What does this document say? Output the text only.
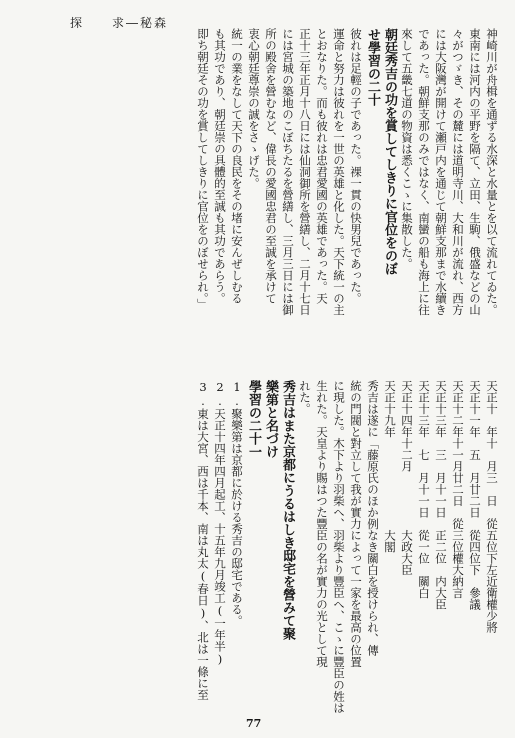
探　　求―秘森
神崎川が舟楫を通ずる水深と水量とを以て流れてゐた。
東南には河内の平野を隔て、立田、生駒、俄盛などの山
々がつゞき、その麓には道明寺川、大和川が流れ、西方
には大阪灣が開けて瀬戸内を通じて朝鮮支那まで水續き
であった。朝鮮支那のみではなく、南蠻の船も海上に往
來して五畿七道の物資は悉くこゝに集散した。
朝廷秀吉の功を賞してしきりに官位をのぼ
せ學習の二十
彼れは足輕の子であった。裸一貫の快男兒であった。
運命と努力は彼れを一世の英雄と化した。天下統一の主
とおなりた。而も彼れは忠君愛國の英雄であった。天
正十三年正月十八日には仙洞御所を營繕し、二月十七日
には宮城の築地のこぼちたるを營繕し、三月三日には御
所の殿舍を營むなど、偉長の愛國忠君の至誠を承けて
衷心朝廷尊崇の誠をさゝげた。
統一の業をなして天下の良民をその堵に安んぜしむる
も其功であり、朝廷崇の具體的至誠も其功であらう。
即ち朝廷その功を賞してしきりに官位をのぼせられ。」
天正十　年十　月三　日　從五位下左近衛權少將
天正十一年　五　月廿二日　從四位下　參議
天正十二年十一月廿二日　從三位權大納言
天正十三年　三　月十一日　正二位　内大臣
天正十三年　七　月十一日　從一位　關白
天正十四年十二月　　　　　大政大臣
天正十九年　　　　　　　　大閣
秀吉は遂に「藤原氏のほか例なき關白を授けられ、傳
統の門閥と對立して我が實力によって一家を最高の位置
に現した。木下より羽柴へ、羽柴より豐臣へ、こゝに豐臣の姓は
生れた。天皇より賜はつた豐臣の名が實力の光として現
れた。
秀吉はまた京都にうるはしき邸宅を營みて聚
樂第と名づけ
學習の二十一
1.聚樂第は京都に於ける秀吉の邸宅である。
2.天正十四年四月起工、十五年九月竣工(一年半)
3.東は大宮、西は千本、南は丸太(春日)、北は一條に至
77
